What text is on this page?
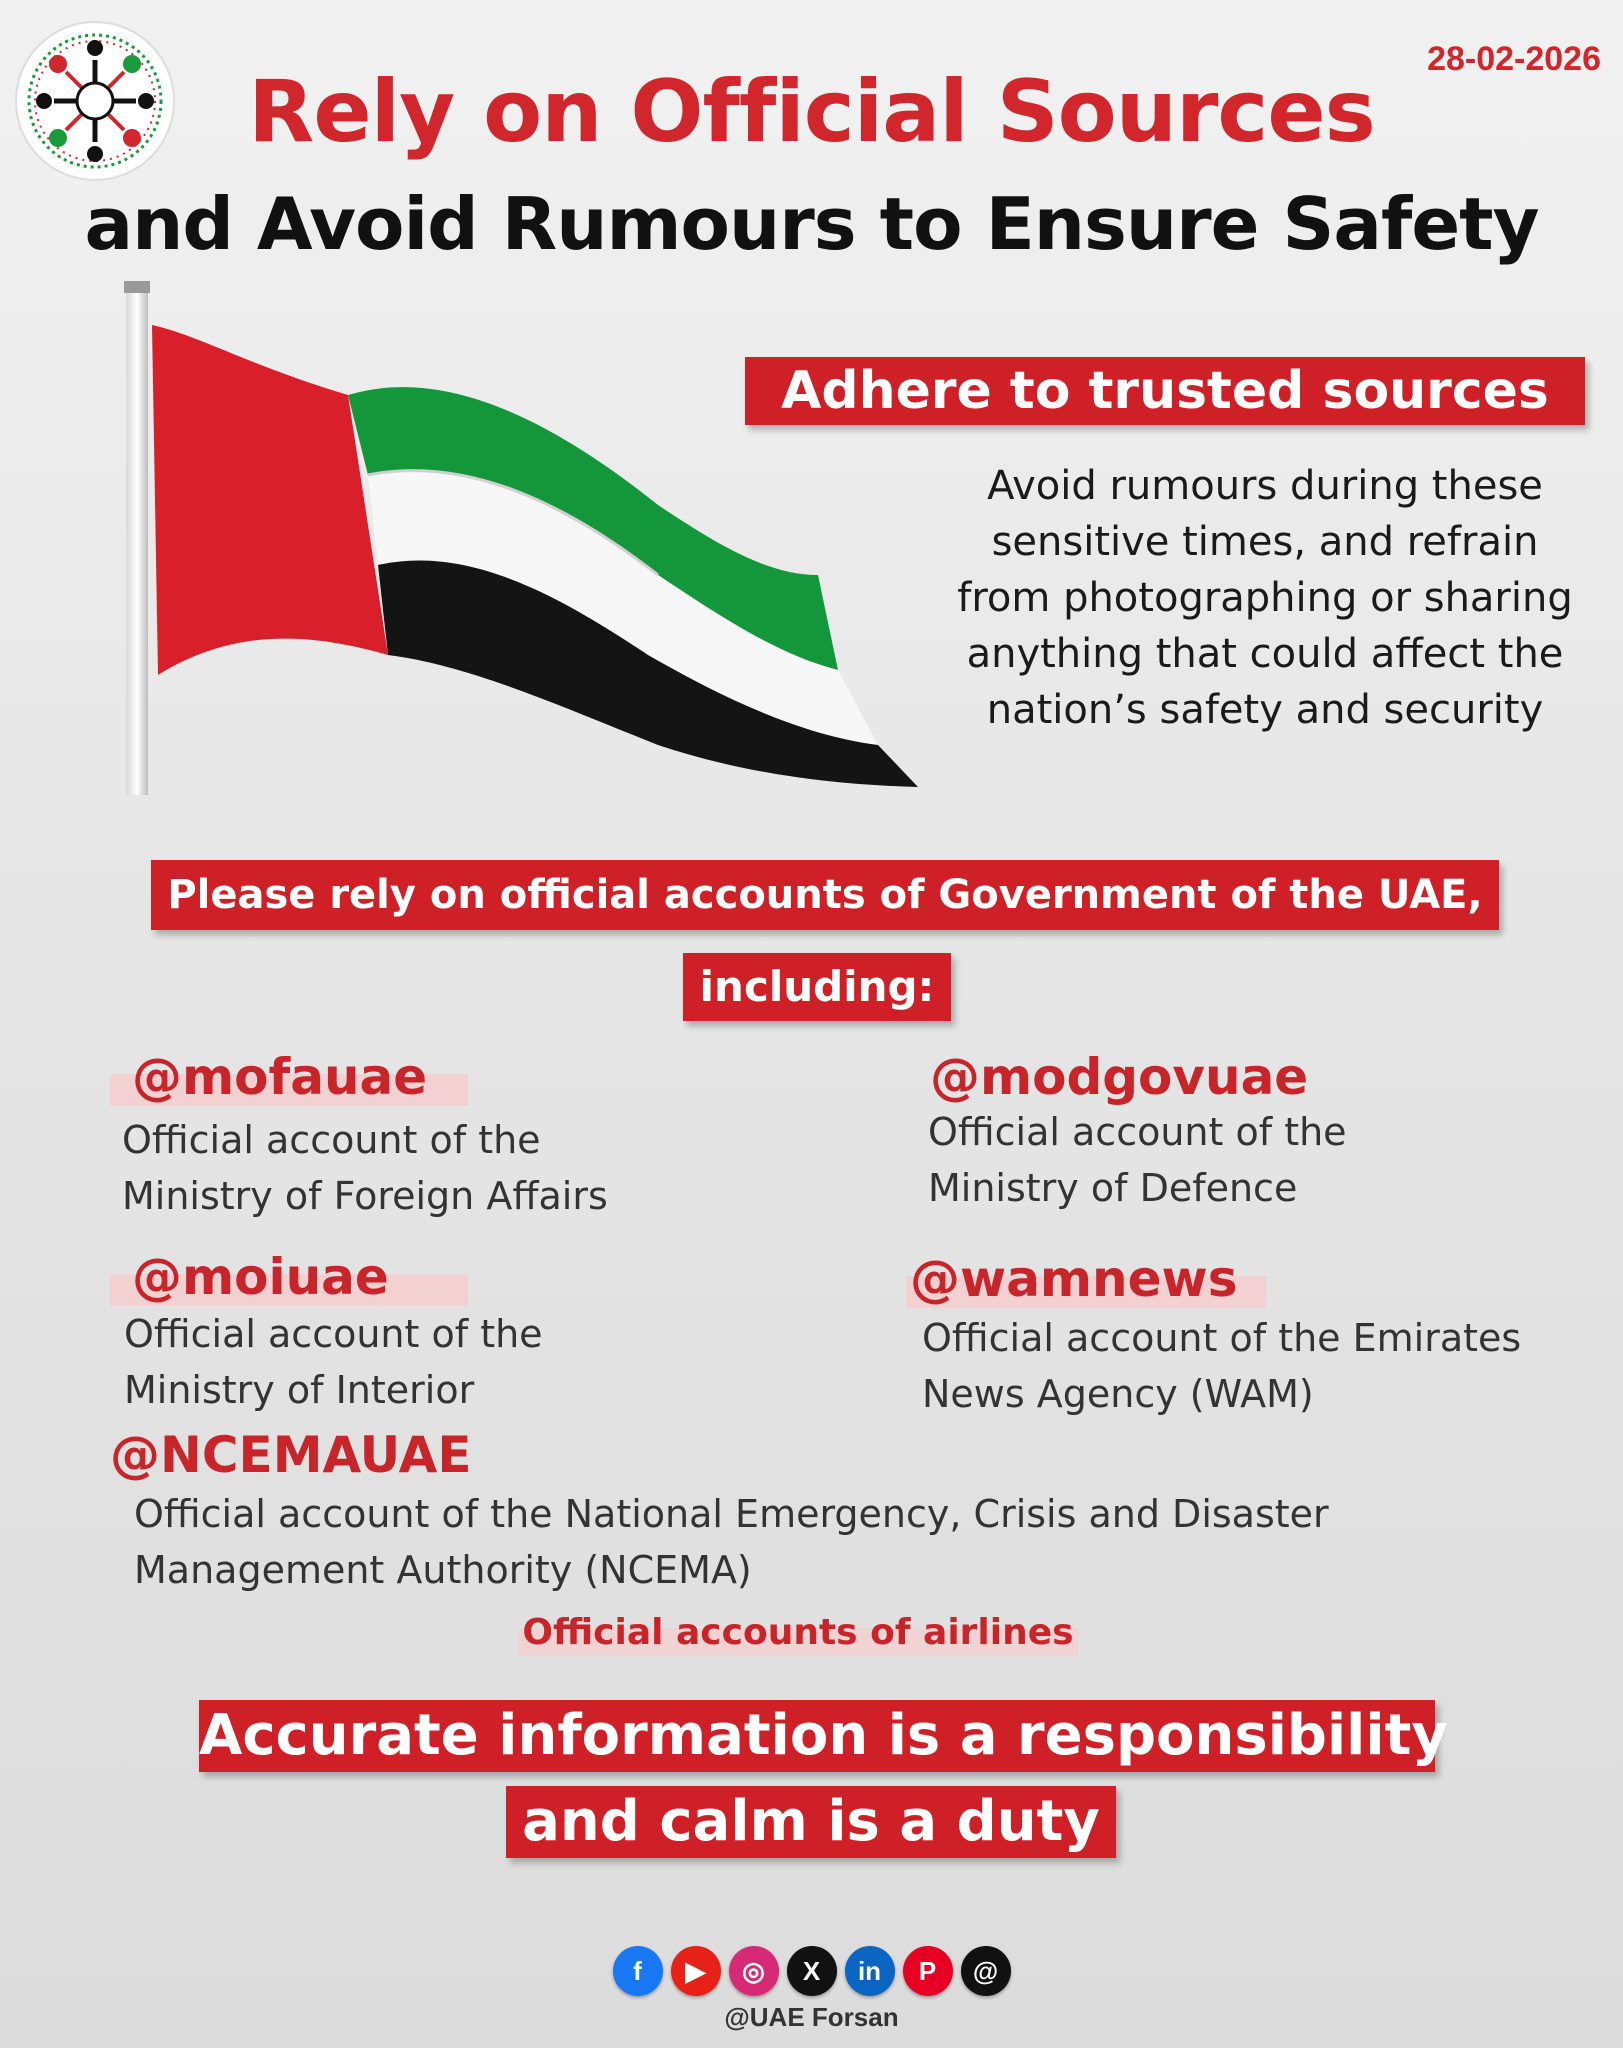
28-02-2026
Rely on Official Sources
and Avoid Rumours to Ensure Safety
Adhere to trusted sources
Avoid rumours during these sensitive times, and refrain from photographing or sharing anything that could affect the nation’s safety and security
Please rely on official accounts of Government of the UAE,
including:
@mofauae
Official account of the
Ministry of Foreign Affairs
@modgovuae
Official account of the
Ministry of Defence
@moiuae
Official account of the
Ministry of Interior
@wamnews
Official account of the Emirates
News Agency (WAM)
@NCEMAUAE
Official account of the National Emergency, Crisis and Disaster
Management Authority (NCEMA)
Official accounts of airlines
Accurate information is a responsibility
and calm is a duty
f	▶	◎	X	in	P	@
@UAE Forsan
